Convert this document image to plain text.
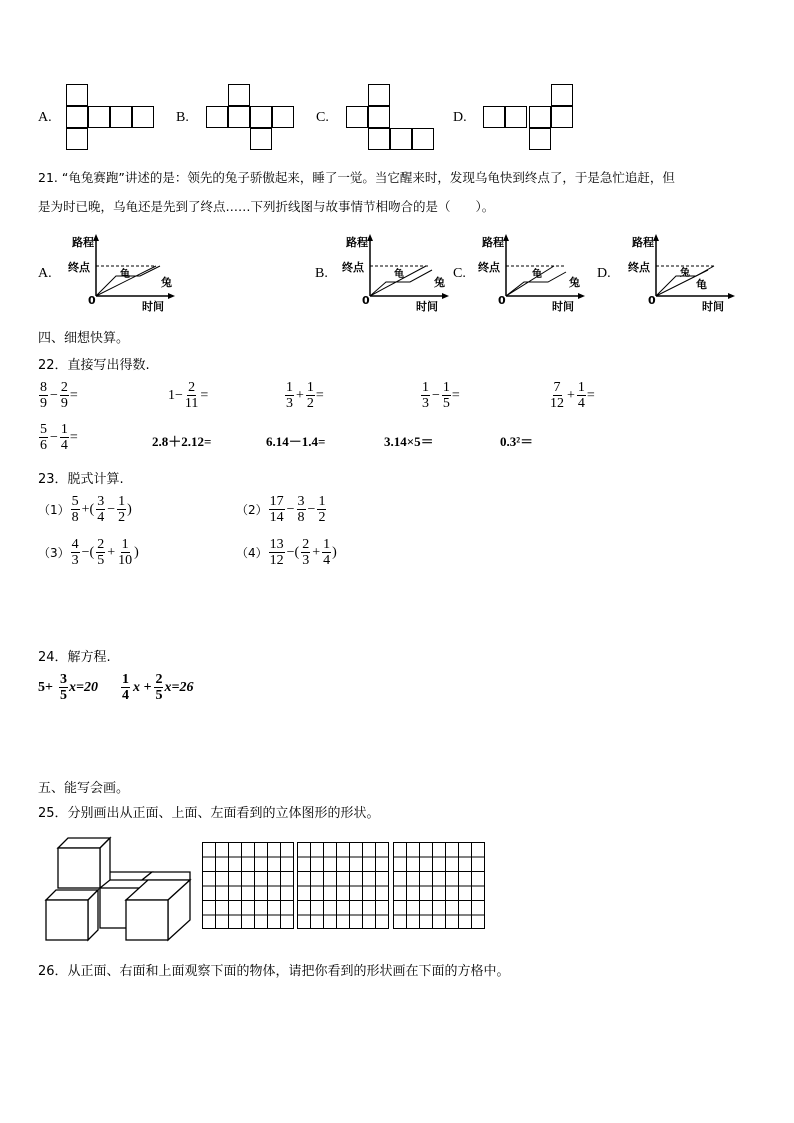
A.	B.	C.	D.
21. “龟兔赛跑”讲述的是：领先的兔子骄傲起来，睡了一觉。当它醒来时，发现乌龟快到终点了，于是急忙追赶，但
是为时已晚，乌龟还是先到了终点……下列折线图与故事情节相吻合的是（　　）。
A.
路程
终点
0	时间
龟
兔
B.
路程
终点
0	时间
龟
兔
C.
路程
终点
0	时间
龟
兔
D.
路程
终点
0	时间
兔
龟
四、细想快算。
22．直接写出得数.
$\frac{8}{9} - \frac{2}{9}$ =	$1- \frac{2}{11}$ =	$\frac{1}{3} + \frac{1}{2}$ =	$\frac{1}{3} - \frac{1}{5}$ =	$\frac{7}{12} + \frac{1}{4}$ =
$\frac{5}{6} - \frac{1}{4}$ =	2.8＋2.12=	6.14－1.4=	3.14×5＝	0.3²＝
23．脱式计算.
$(1) \frac{5}{8}$ +( $\frac{3}{4} - \frac{1}{2}$ )	$(2) \frac{17}{14} - \frac{3}{8} - \frac{1}{2}$
$(3) \frac{4}{3}$ −( $\frac{2}{5} + \frac{1}{10}$ )	$(4) \frac{13}{12}$ −( $\frac{2}{3} + \frac{1}{4}$ )
24．解方程.
$5+ \frac{3}{5} x=20 \frac{1}{4}$ $x + \frac{2}{5} x=26$
五、能写会画。
25．分别画出从正面、上面、左面看到的立体图形的形状。
26．从正面、右面和上面观察下面的物体，请把你看到的形状画在下面的方格中。
